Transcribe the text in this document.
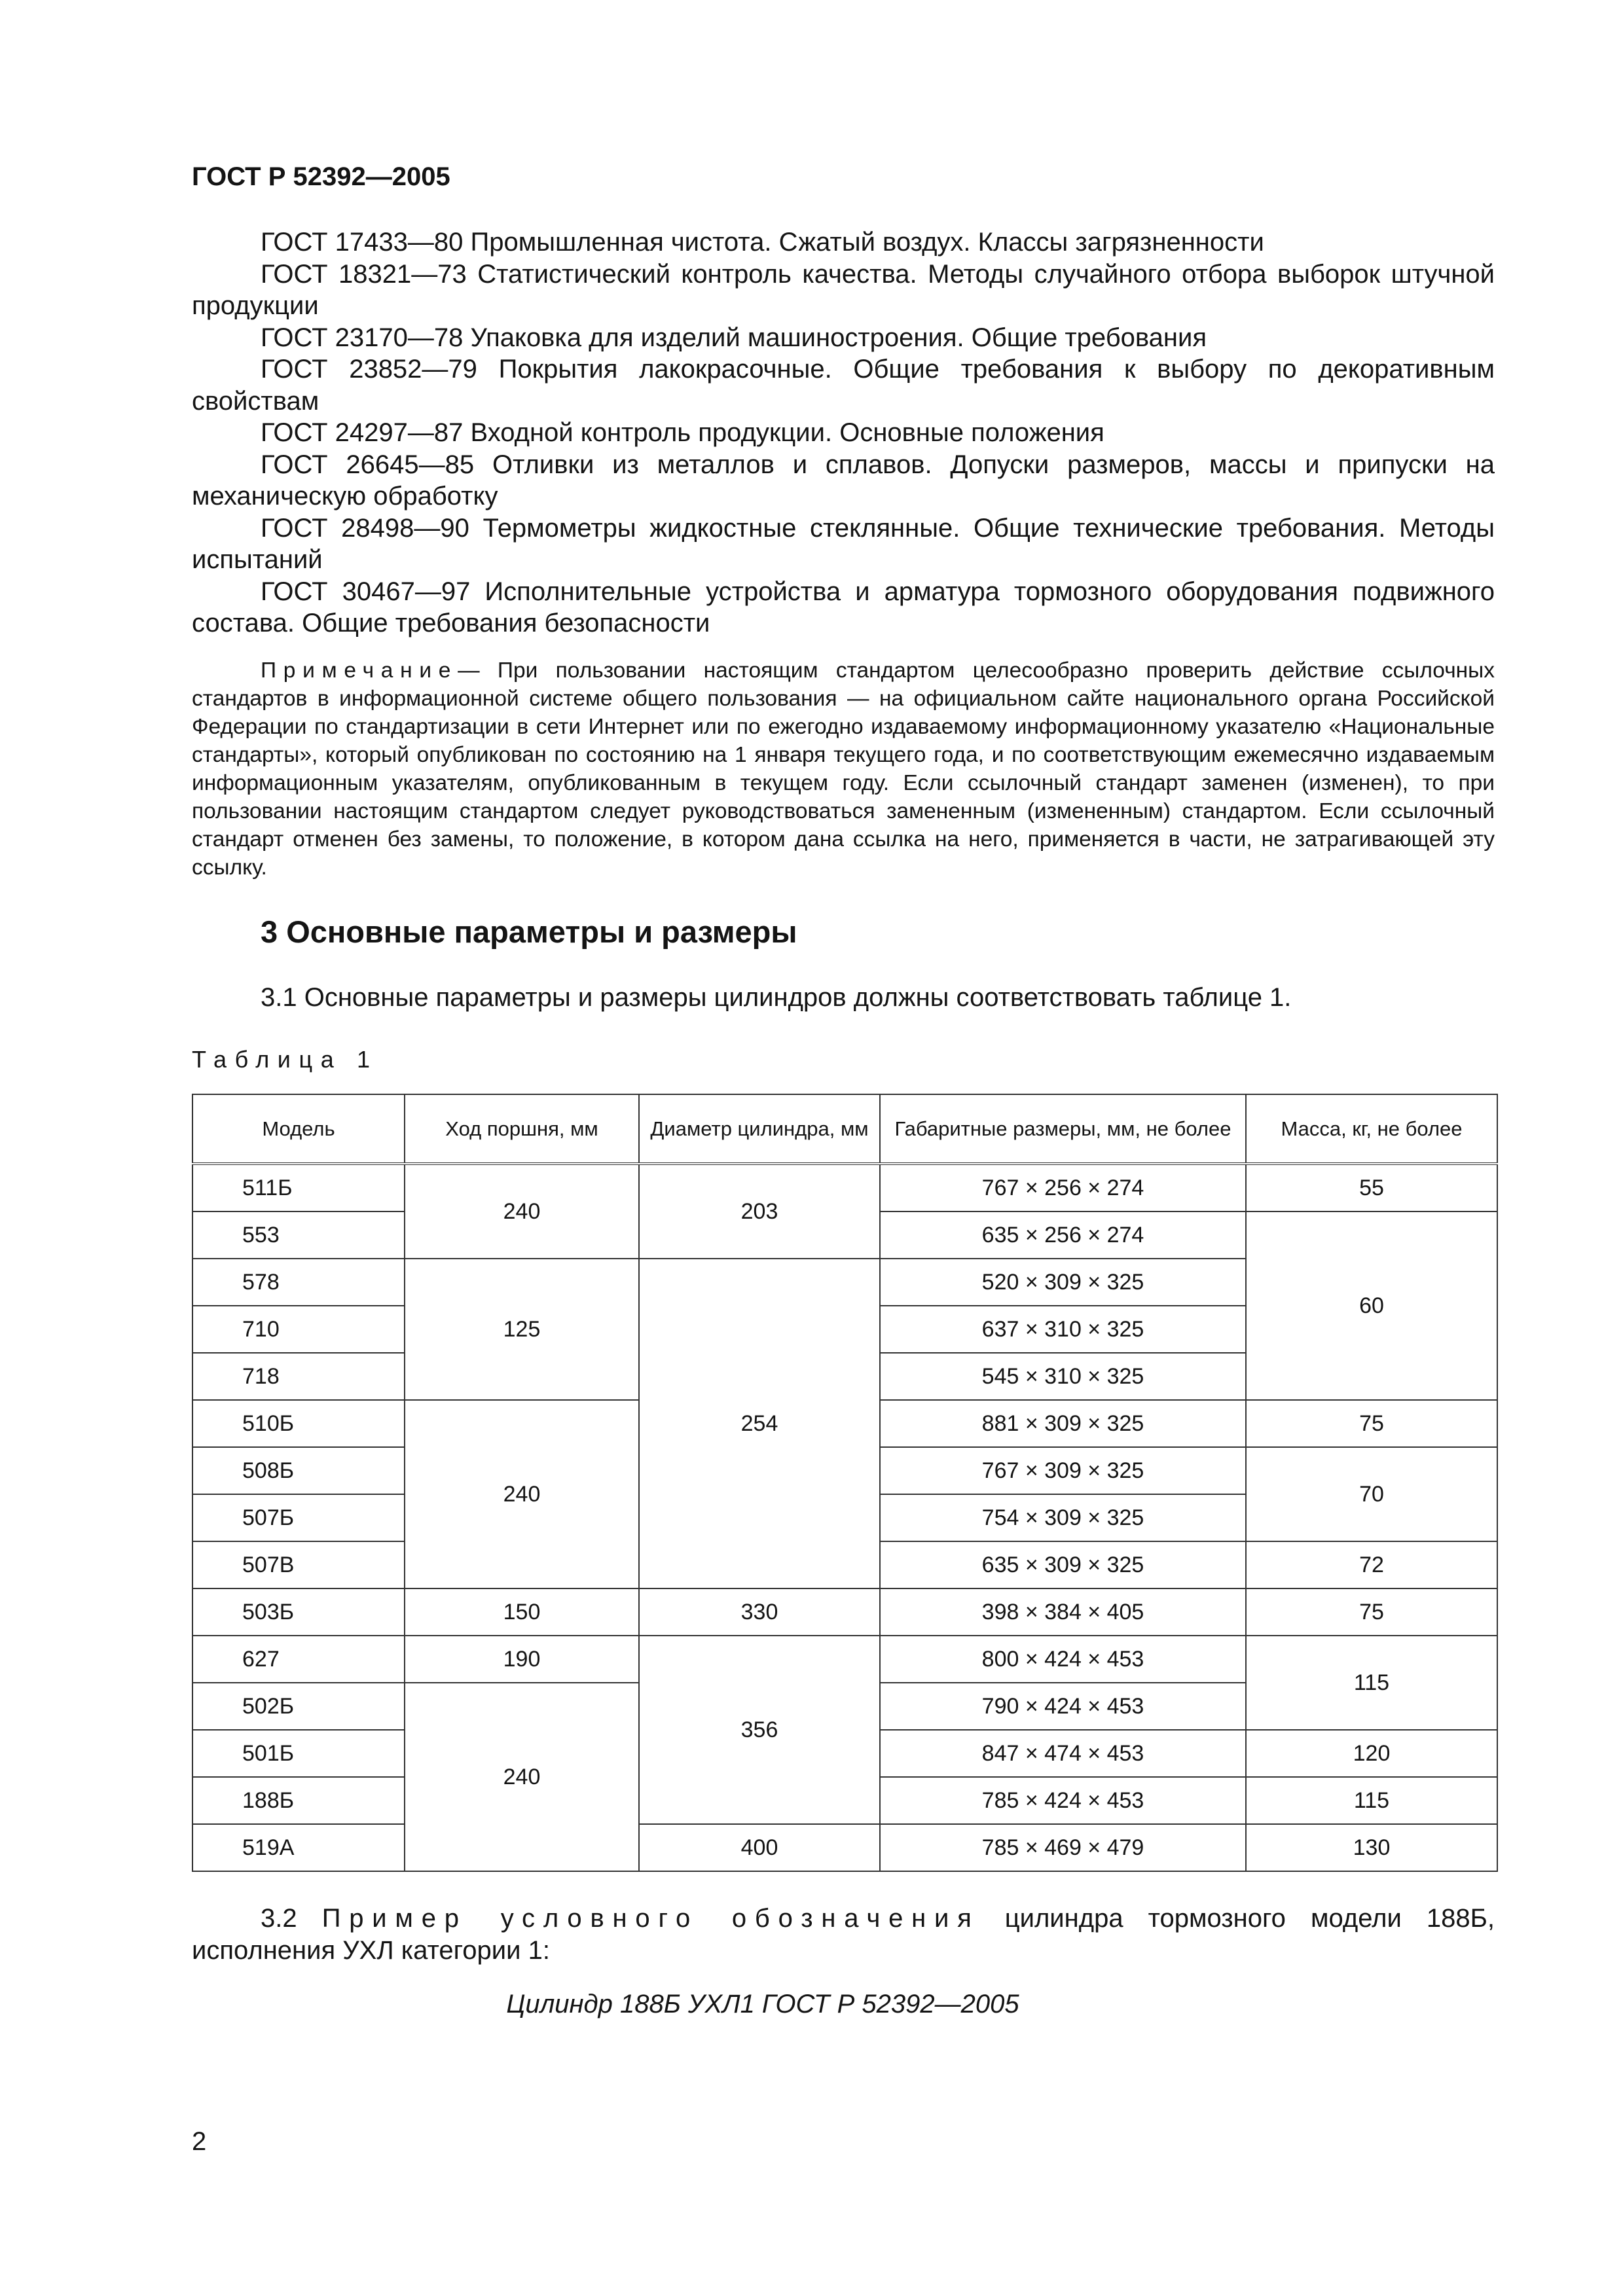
ГОСТ Р 52392—2005

ГОСТ 17433—80 Промышленная чистота. Сжатый воздух. Классы загрязненности

ГОСТ 18321—73 Статистический контроль качества. Методы случайного отбора выборок штучной продукции

ГОСТ 23170—78 Упаковка для изделий машиностроения. Общие требования

ГОСТ 23852—79 Покрытия лакокрасочные. Общие требования к выбору по декоративным свойствам

ГОСТ 24297—87 Входной контроль продукции. Основные положения

ГОСТ 26645—85 Отливки из металлов и сплавов. Допуски размеров, массы и припуски на механическую обработку

ГОСТ 28498—90 Термометры жидкостные стеклянные. Общие технические требования. Методы испытаний

ГОСТ 30467—97 Исполнительные устройства и арматура тормозного оборудования подвижного состава. Общие требования безопасности

Примечание— При пользовании настоящим стандартом целесообразно проверить действие ссылочных стандартов в информационной системе общего пользования — на официальном сайте национального органа Российской Федерации по стандартизации в сети Интернет или по ежегодно издаваемому информационному указателю «Национальные стандарты», который опубликован по состоянию на 1 января текущего года, и по соответствующим ежемесячно издаваемым информационным указателям, опубликованным в текущем году. Если ссылочный стандарт заменен (изменен), то при пользовании настоящим стандартом следует руководствоваться замененным (измененным) стандартом. Если ссылочный стандарт отменен без замены, то положение, в котором дана ссылка на него, применяется в части, не затрагивающей эту ссылку.
3 Основные параметры и размеры
3.1 Основные параметры и размеры цилиндров должны соответствовать таблице 1.
Таблица 1
Модель	Ход поршня, мм	Диаметр цилиндра, мм	Габаритные размеры, мм, не более	Масса, кг, не более
511Б	240	203	767 × 256 × 274	55
553			635 × 256 × 274	60
578	125	254	520 × 309 × 325	
710			637 × 310 × 325	
718			545 × 310 × 325	
510Б	240		881 × 309 × 325	75
508Б			767 × 309 × 325	70
507Б			754 × 309 × 325	
507В			635 × 309 × 325	72
503Б	150	330	398 × 384 × 405	75
627	190	356	800 × 424 × 453	115
502Б	240		790 × 424 × 453	
501Б			847 × 474 × 453	120
188Б			785 × 424 × 453	115
519А		400	785 × 469 × 479	130
3.2 Пример условного обозначения цилиндра тормозного модели 188Б, исполнения УХЛ категории 1:
Цилиндр 188Б УХЛ1 ГОСТ Р 52392—2005
2
